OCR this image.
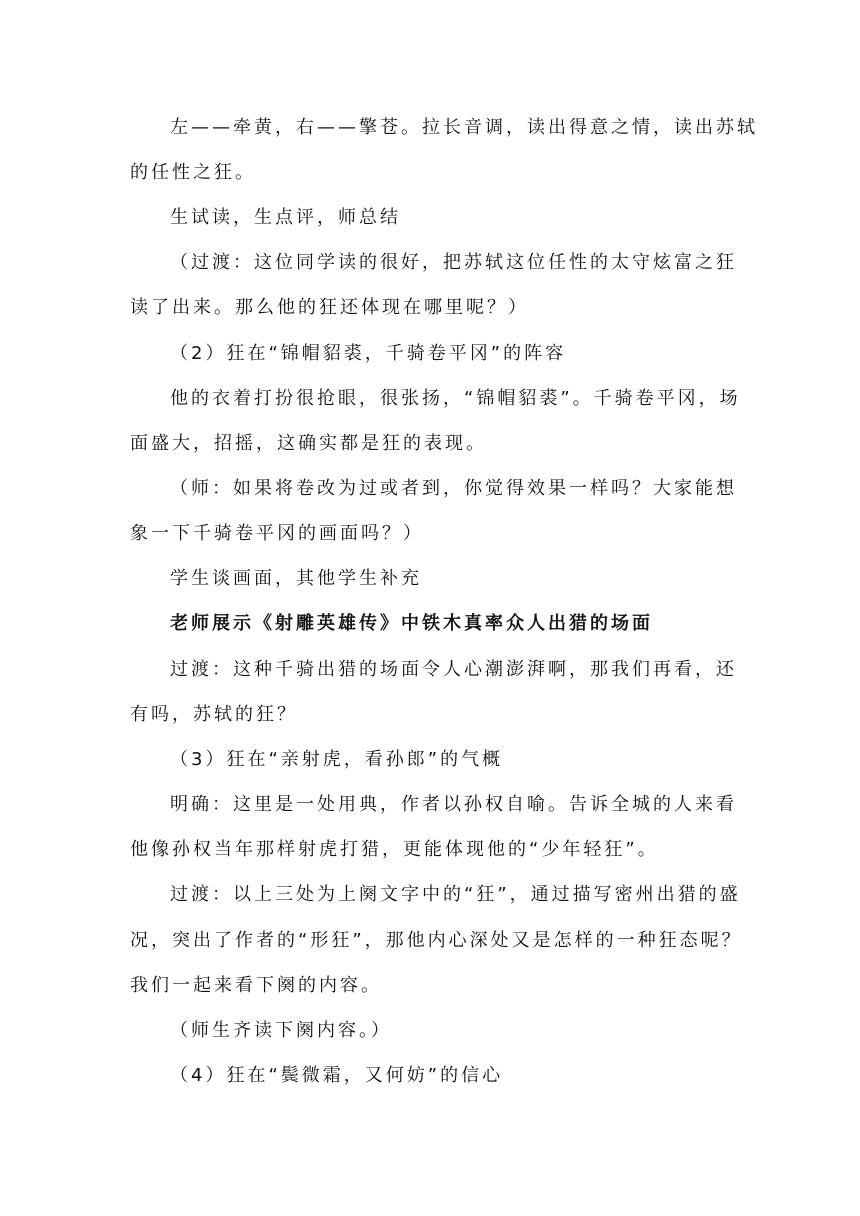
左——牵黄，右——擎苍。拉长音调，读出得意之情，读出苏轼
的任性之狂。
生试读，生点评，师总结
（过渡：这位同学读的很好，把苏轼这位任性的太守炫富之狂
读了出来。那么他的狂还体现在哪里呢？）
（2）狂在“锦帽貂裘，千骑卷平冈”的阵容
他的衣着打扮很抢眼，很张扬，“锦帽貂裘”。千骑卷平冈，场
面盛大，招摇，这确实都是狂的表现。
（师：如果将卷改为过或者到，你觉得效果一样吗？大家能想
象一下千骑卷平冈的画面吗？）
学生谈画面，其他学生补充
老师展示《射雕英雄传》中铁木真率众人出猎的场面
过渡：这种千骑出猎的场面令人心潮澎湃啊，那我们再看，还
有吗，苏轼的狂？
（3）狂在“亲射虎，看孙郎”的气概
明确：这里是一处用典，作者以孙权自喻。告诉全城的人来看
他像孙权当年那样射虎打猎，更能体现他的“少年轻狂”。
过渡：以上三处为上阕文字中的“狂”，通过描写密州出猎的盛
况，突出了作者的“形狂”，那他内心深处又是怎样的一种狂态呢？
我们一起来看下阕的内容。
（师生齐读下阕内容。）
（4）狂在“鬓微霜，又何妨”的信心
